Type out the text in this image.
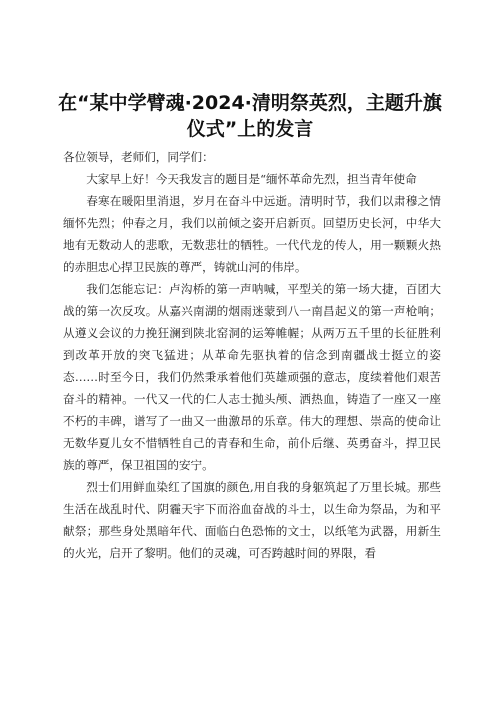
在“某中学臂魂·2024·清明祭英烈，主题升旗仪式”上的发言

各位领导，老师们，同学们：

大家早上好！今天我发言的题目是“缅怀革命先烈，担当青年使命

春寒在暖阳里消退，岁月在奋斗中远逝。清明时节，我们以肃穆之情缅怀先烈；仲春之月，我们以前倾之姿开启新页。回望历史长河，中华大地有无数动人的悲歌，无数悲壮的牺牲。一代代龙的传人，用一颗颗火热的赤胆忠心捍卫民族的尊严，铸就山河的伟岸。

我们怎能忘记：卢沟桥的第一声呐喊，平型关的第一场大捷，百团大战的第一次反攻。从嘉兴南湖的烟雨迷蒙到八一南昌起义的第一声枪响；从遵义会议的力挽狂澜到陕北窑洞的运筹帷幄；从两万五千里的长征胜利到改革开放的突飞猛进；从革命先驱执着的信念到南疆战士挺立的姿态……时至今日，我们仍然秉承着他们英雄顽强的意志，度续着他们艰苦奋斗的精神。一代又一代的仁人志士抛头颅、洒热血，铸造了一座又一座不朽的丰碑，谱写了一曲又一曲激昂的乐章。伟大的理想、崇高的使命让无数华夏儿女不惜牺牲自己的青春和生命，前仆后继、英勇奋斗，捍卫民族的尊严，保卫祖国的安宁。

烈士们用鲜血染红了国旗的颜色,用自我的身躯筑起了万里长城。那些生活在战乱时代、阴霾天宇下而浴血奋战的斗士，以生命为祭品，为和平献祭；那些身处黑暗年代、面临白色恐怖的文士，以纸笔为武器，用新生的火光，启开了黎明。他们的灵魂，可否跨越时间的界限，看
